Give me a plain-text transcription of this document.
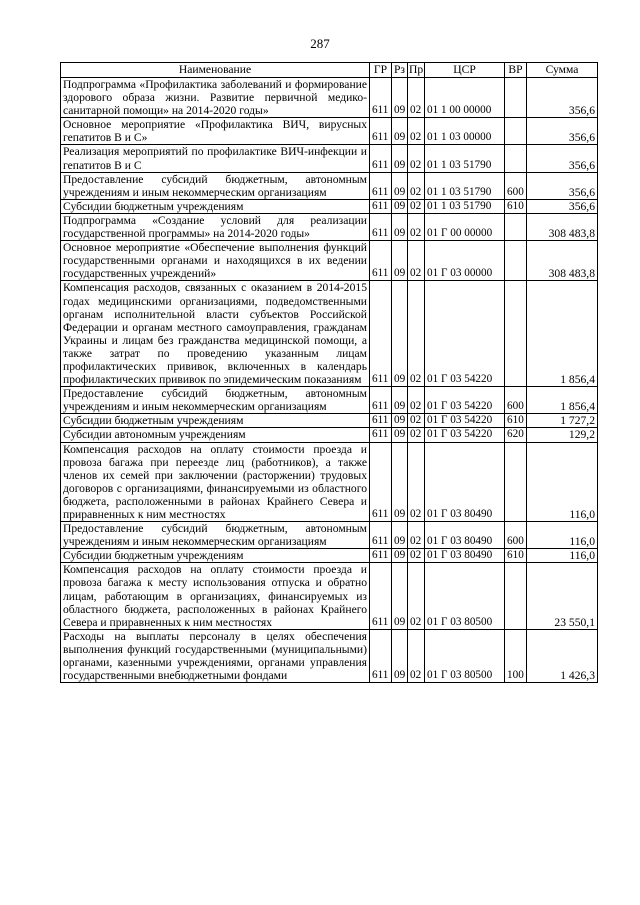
287
Наименование	ГР	Рз	Пр	ЦСР	ВР	Сумма
Подпрограмма «Профилактика заболеваний и формирование здорового образа жизни. Развитие первичной медико-санитарной помощи» на 2014-2020 годы»	611	09	02	01 1 00 00000		356,6
Основное мероприятие «Профилактика ВИЧ, вирусных гепатитов В и С»	611	09	02	01 1 03 00000		356,6
Реализация мероприятий по профилактике ВИЧ-инфекции и гепатитов В и С	611	09	02	01 1 03 51790		356,6
Предоставление субсидий бюджетным, автономным учреждениям и иным некоммерческим организациям	611	09	02	01 1 03 51790	600	356,6
Субсидии бюджетным учреждениям	611	09	02	01 1 03 51790	610	356,6
Подпрограмма «Создание условий для реализации государственной программы» на 2014-2020 годы»	611	09	02	01 Г 00 00000		308 483,8
Основное мероприятие «Обеспечение выполнения функций государственными органами и находящихся в их ведении государственных учреждений»	611	09	02	01 Г 03 00000		308 483,8
Компенсация расходов, связанных с оказанием в 2014-2015 годах медицинскими организациями, подведомственными органам исполнительной власти субъектов Российской Федерации и органам местного самоуправления, гражданам Украины и лицам без гражданства медицинской помощи, а также затрат по проведению указанным лицам профилактических прививок, включенных в календарь профилактических прививок по эпидемическим показаниям	611	09	02	01 Г 03 54220		1 856,4
Предоставление субсидий бюджетным, автономным учреждениям и иным некоммерческим организациям	611	09	02	01 Г 03 54220	600	1 856,4
Субсидии бюджетным учреждениям	611	09	02	01 Г 03 54220	610	1 727,2
Субсидии автономным учреждениям	611	09	02	01 Г 03 54220	620	129,2
Компенсация расходов на оплату стоимости проезда и провоза багажа при переезде лиц (работников), а также членов их семей при заключении (расторжении) трудовых договоров с организациями, финансируемыми из областного бюджета, расположенными в районах Крайнего Севера и приравненных к ним местностях	611	09	02	01 Г 03 80490		116,0
Предоставление субсидий бюджетным, автономным учреждениям и иным некоммерческим организациям	611	09	02	01 Г 03 80490	600	116,0
Субсидии бюджетным учреждениям	611	09	02	01 Г 03 80490	610	116,0
Компенсация расходов на оплату стоимости проезда и провоза багажа к месту использования отпуска и обратно лицам, работающим в организациях, финансируемых из областного бюджета, расположенных в районах Крайнего Севера и приравненных к ним местностях	611	09	02	01 Г 03 80500		23 550,1
Расходы на выплаты персоналу в целях обеспечения выполнения функций государственными (муниципальными) органами, казенными учреждениями, органами управления государственными внебюджетными фондами	611	09	02	01 Г 03 80500	100	1 426,3
